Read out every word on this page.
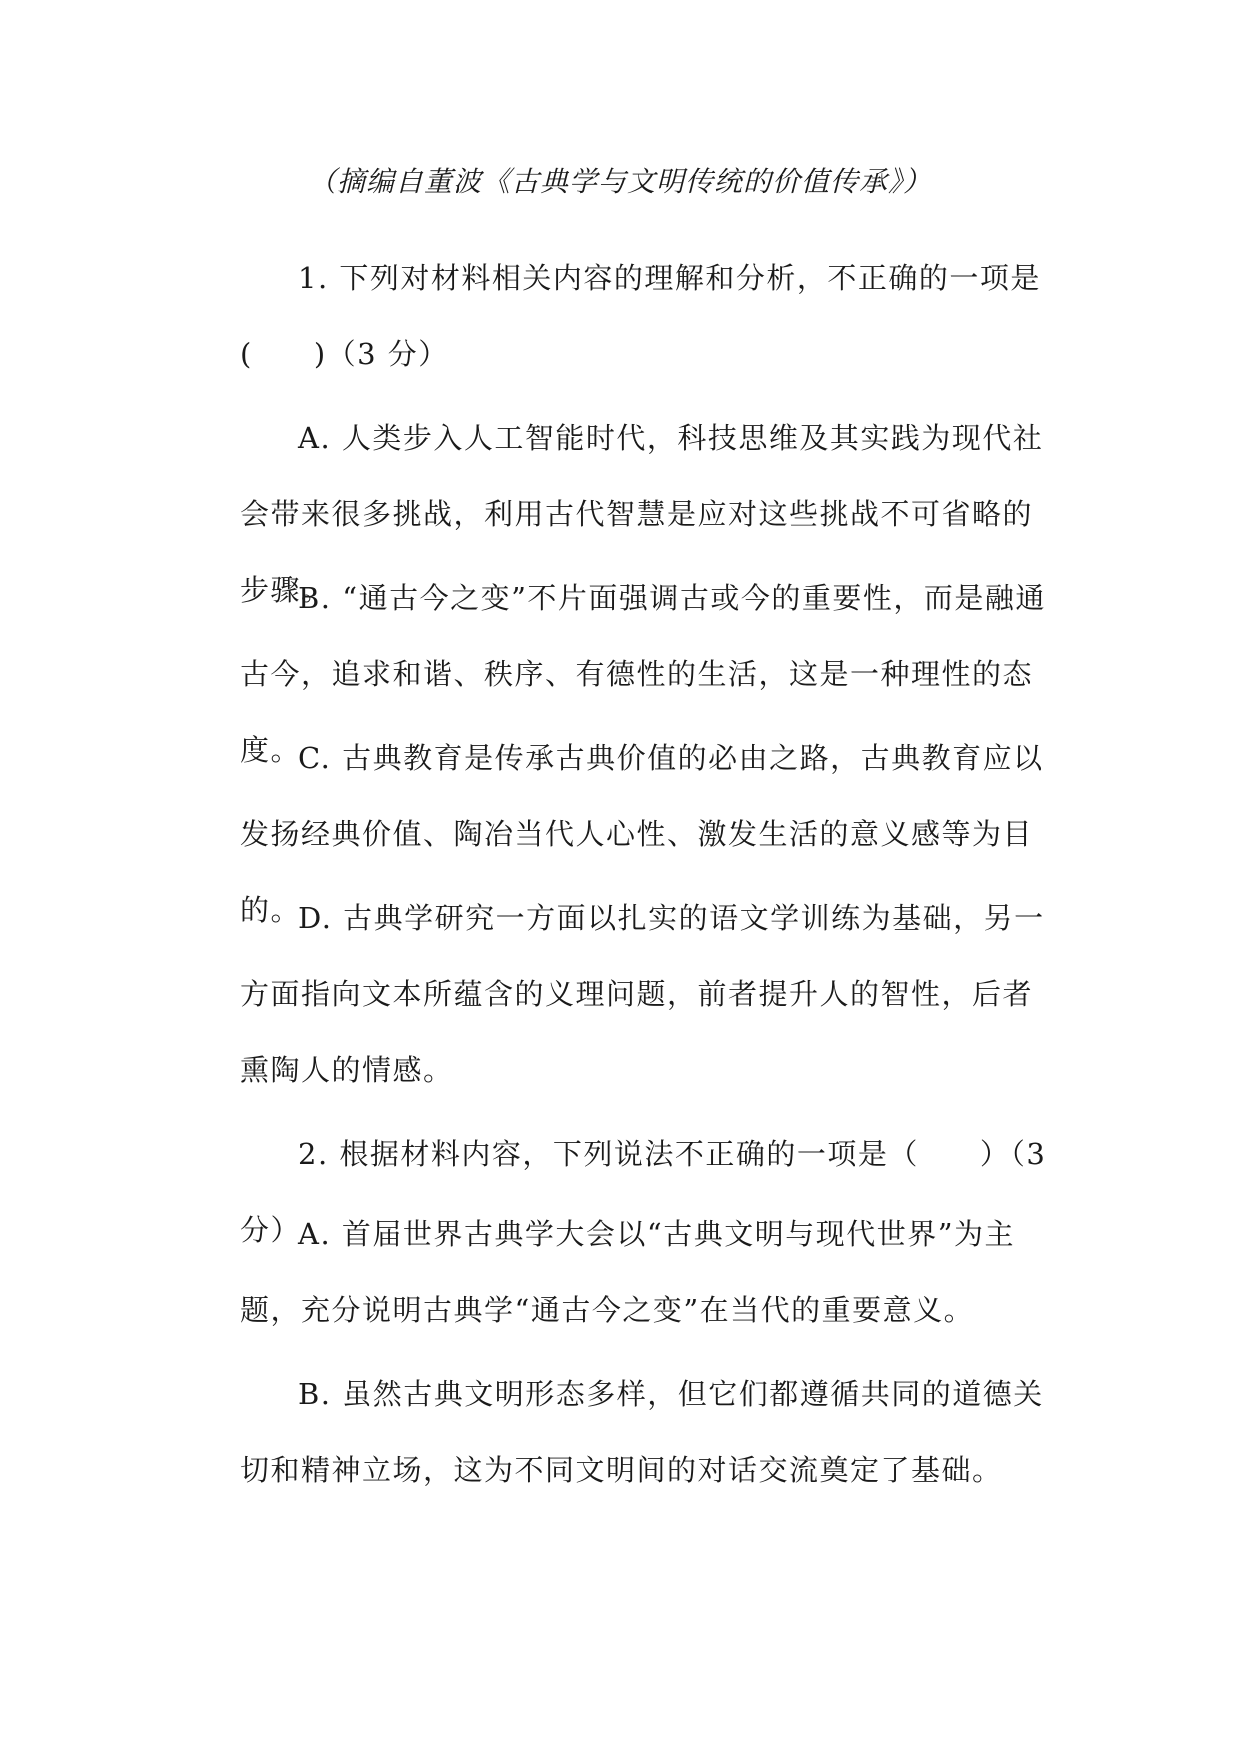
（摘编自董波《古典学与文明传统的价值传承》）

1. 下列对材料相关内容的理解和分析，不正确的一项是(　　)（3 分）

A. 人类步入人工智能时代，科技思维及其实践为现代社会带来很多挑战，利用古代智慧是应对这些挑战不可省略的步骤。

B. “通古今之变”不片面强调古或今的重要性，而是融通古今，追求和谐、秩序、有德性的生活，这是一种理性的态度。

C. 古典教育是传承古典价值的必由之路，古典教育应以发扬经典价值、陶冶当代人心性、激发生活的意义感等为目的。

D. 古典学研究一方面以扎实的语文学训练为基础，另一方面指向文本所蕴含的义理问题，前者提升人的智性，后者熏陶人的情感。

2. 根据材料内容，下列说法不正确的一项是（　　）（3 分）

A. 首届世界古典学大会以“古典文明与现代世界”为主题，充分说明古典学“通古今之变”在当代的重要意义。

B. 虽然古典文明形态多样，但它们都遵循共同的道德关切和精神立场，这为不同文明间的对话交流奠定了基础。
